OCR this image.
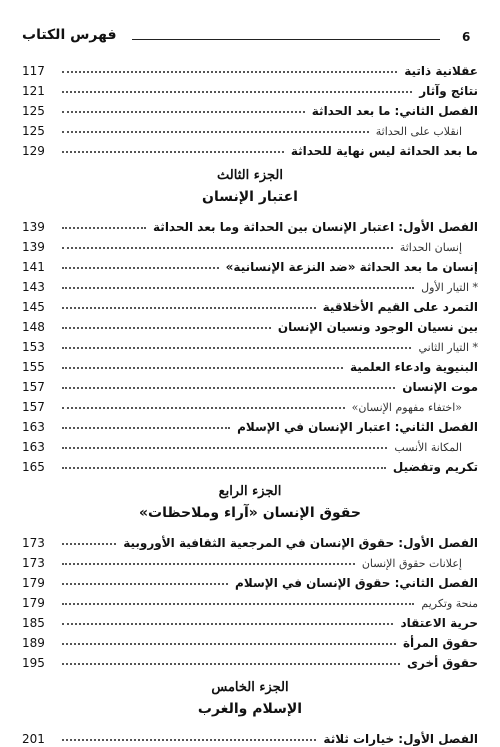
6
فهرس الكتاب
عقلانية ذاتية
117
نتائج وآثار
121
الفصل الثاني: ما بعد الحداثة
125
انقلاب على الحداثة
125
ما بعد الحداثة ليس نهاية للحداثة
129
الجزء الثالث
اعتبار الإنسان
الفصل الأول: اعتبار الإنسان بين الحداثة وما بعد الحداثة
139
إنسان الحداثة
139
إنسان ما بعد الحداثة «ضد النزعة الإنسانية»
141
* التيار الأول
143
التمرد على القيم الأخلاقية
145
بين نسيان الوجود ونسيان الإنسان
148
* التيار الثاني
153
البنيوية وادعاء العلمية
155
موت الإنسان
157
«اختفاء مفهوم الإنسان»
157
الفصل الثاني: اعتبار الإنسان في الإسلام
163
المكانة الأنسب
163
تكريم وتفضيل
165
الجزء الرابع
حقوق الإنسان «آراء وملاحظات»
الفصل الأول: حقوق الإنسان في المرجعية الثقافية الأوروبية
173
إعلانات حقوق الإنسان
173
الفصل الثاني: حقوق الإنسان في الإسلام
179
منحة وتكريم
179
حرية الاعتقاد
185
حقوق المرأة
189
حقوق أخرى
195
الجزء الخامس
الإسلام والغرب
الفصل الأول: خيارات ثلاثة
201
